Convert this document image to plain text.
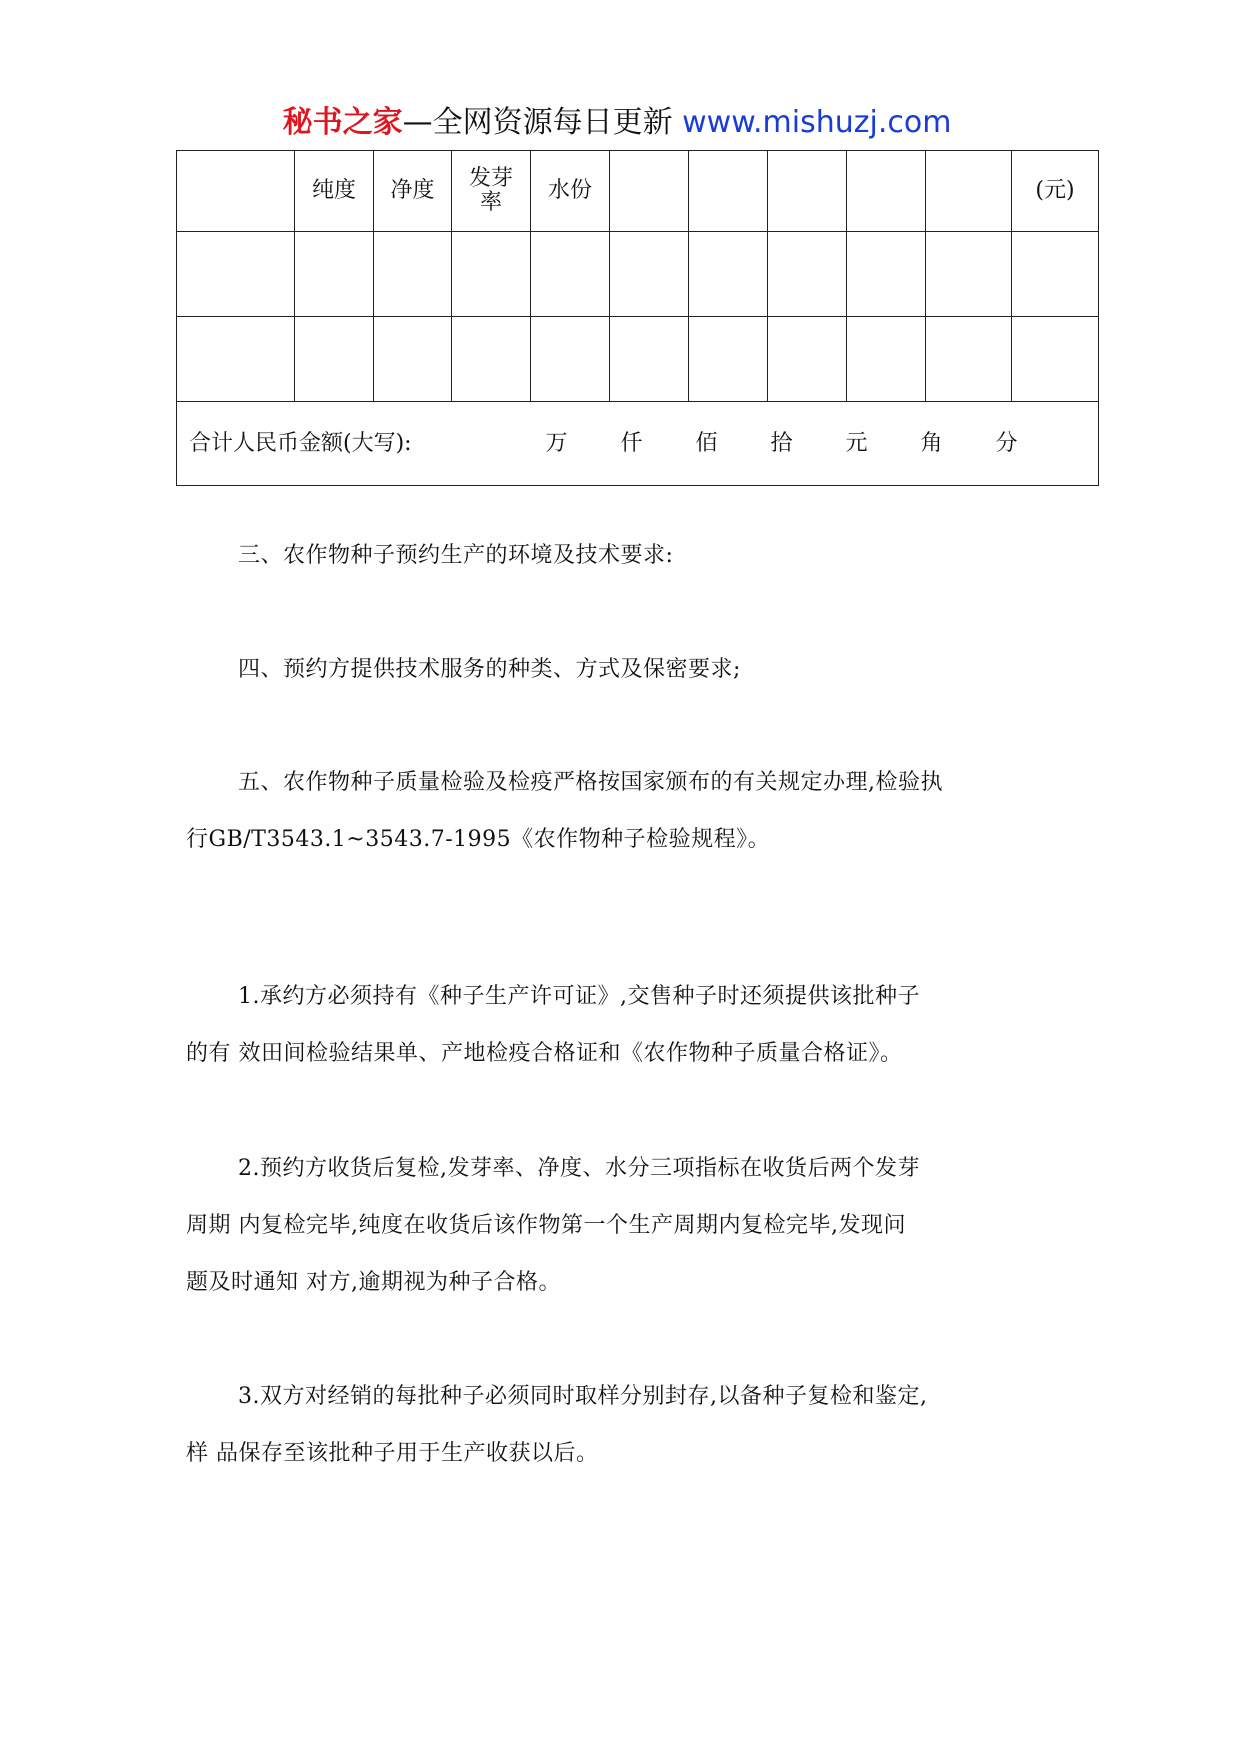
秘书之家—全网资源每日更新 www.mishuzj.com
	纯度	净度	发芽
率	水份						(元)

合计人民币金额(大写): 万 仟 佰 拾 元 角 分										
三、农作物种子预约生产的环境及技术要求:
四、预约方提供技术服务的种类、方式及保密要求;
五、农作物种子质量检验及检疫严格按国家颁布的有关规定办理,检验执
行GB/T3543.1~3543.7-1995《农作物种子检验规程》。
1.承约方必须持有《种子生产许可证》,交售种子时还须提供该批种子
的有 效田间检验结果单、产地检疫合格证和《农作物种子质量合格证》。
2.预约方收货后复检,发芽率、净度、水分三项指标在收货后两个发芽
周期 内复检完毕,纯度在收货后该作物第一个生产周期内复检完毕,发现问
题及时通知 对方,逾期视为种子合格。
3.双方对经销的每批种子必须同时取样分别封存,以备种子复检和鉴定,
样 品保存至该批种子用于生产收获以后。
